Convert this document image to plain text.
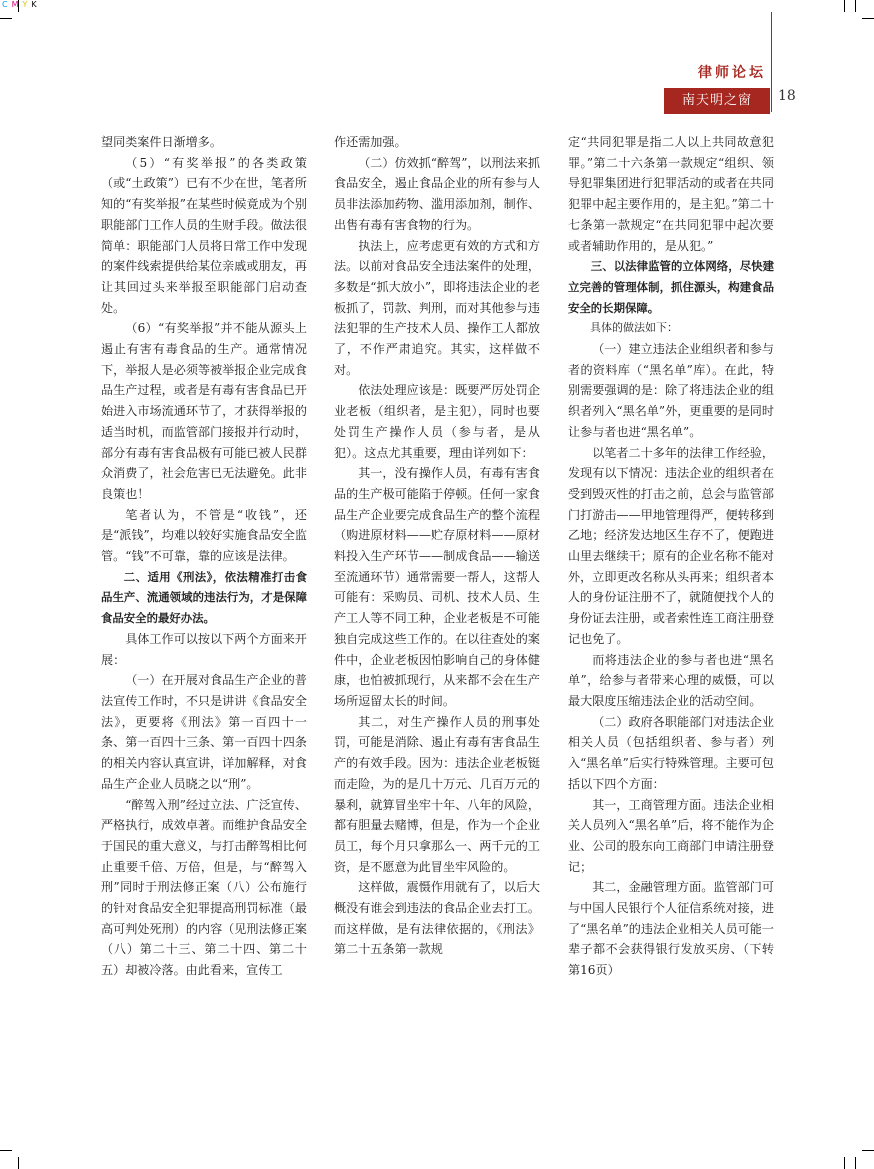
CMYK
律师论坛
南天明之窗	18

望同类案件日渐增多。

（5）“有奖举报”的各类政策（或“土政策”）已有不少在世，笔者所知的“有奖举报”在某些时候竟成为个别职能部门工作人员的生财手段。做法很简单：职能部门人员将日常工作中发现的案件线索提供给某位亲戚或朋友，再让其回过头来举报至职能部门启动查处。

（6）“有奖举报”并不能从源头上遏止有害有毒食品的生产。通常情况下，举报人是必须等被举报企业完成食品生产过程，或者是有毒有害食品已开始进入市场流通环节了，才获得举报的适当时机，而监管部门接报并行动时，部分有毒有害食品极有可能已被人民群众消费了，社会危害已无法避免。此非良策也！

笔者认为，不管是“收钱”，还是“派钱”，均难以较好实施食品安全监管。“钱”不可靠，靠的应该是法律。

二、适用《刑法》，依法精准打击食品生产、流通领域的违法行为，才是保障食品安全的最好办法。

具体工作可以按以下两个方面来开展：

（一）在开展对食品生产企业的普法宣传工作时，不只是讲讲《食品安全法》，更要将《刑法》第一百四十一条、第一百四十三条、第一百四十四条的相关内容认真宣讲，详加解释，对食品生产企业人员晓之以“刑”。

“醉驾入刑”经过立法、广泛宣传、严格执行，成效卓著。而维护食品安全于国民的重大意义，与打击醉驾相比何止重要千倍、万倍，但是，与“醉驾入刑”同时于刑法修正案（八）公布施行的针对食品安全犯罪提高刑罚标准（最高可判处死刑）的内容（见刑法修正案（八）第二十三、第二十四、第二十五）却被冷落。由此看来，宣传工

作还需加强。

（二）仿效抓“醉驾”，以刑法来抓食品安全，遏止食品企业的所有参与人员非法添加药物、滥用添加剂，制作、出售有毒有害食物的行为。

执法上，应考虑更有效的方式和方法。以前对食品安全违法案件的处理，多数是“抓大放小”，即将违法企业的老板抓了，罚款、判刑，而对其他参与违法犯罪的生产技术人员、操作工人都放了，不作严肃追究。其实，这样做不对。

依法处理应该是：既要严厉处罚企业老板（组织者，是主犯），同时也要处罚生产操作人员（参与者，是从犯）。这点尤其重要，理由详列如下：

其一，没有操作人员，有毒有害食品的生产极可能陷于停顿。任何一家食品生产企业要完成食品生产的整个流程（购进原材料——贮存原材料——原材料投入生产环节——制成食品——输送至流通环节）通常需要一帮人，这帮人可能有：采购员、司机、技术人员、生产工人等不同工种，企业老板是不可能独自完成这些工作的。在以往查处的案件中，企业老板因怕影响自己的身体健康，也怕被抓现行，从来都不会在生产场所逗留太长的时间。

其二，对生产操作人员的刑事处罚，可能是消除、遏止有毒有害食品生产的有效手段。因为：违法企业老板铤而走险，为的是几十万元、几百万元的暴利，就算冒坐牢十年、八年的风险，都有胆量去赌博，但是，作为一个企业员工，每个月只拿那么一、两千元的工资，是不愿意为此冒坐牢风险的。

这样做，震慑作用就有了，以后大概没有谁会到违法的食品企业去打工。而这样做，是有法律依据的，《刑法》第二十五条第一款规

定“共同犯罪是指二人以上共同故意犯罪。”第二十六条第一款规定“组织、领导犯罪集团进行犯罪活动的或者在共同犯罪中起主要作用的，是主犯。”第二十七条第一款规定“在共同犯罪中起次要或者辅助作用的，是从犯。”

三、以法律监管的立体网络，尽快建立完善的管理体制，抓住源头，构建食品安全的长期保障。

具体的做法如下：

（一）建立违法企业组织者和参与者的资料库（“黑名单”库）。在此，特别需要强调的是：除了将违法企业的组织者列入“黑名单”外，更重要的是同时让参与者也进“黑名单”。

以笔者二十多年的法律工作经验，发现有以下情况：违法企业的组织者在受到毁灭性的打击之前，总会与监管部门打游击——甲地管理得严，便转移到乙地；经济发达地区生存不了，便跑进山里去继续干；原有的企业名称不能对外，立即更改名称从头再来；组织者本人的身份证注册不了，就随便找个人的身份证去注册，或者索性连工商注册登记也免了。

而将违法企业的参与者也进“黑名单”，给参与者带来心理的威慑，可以最大限度压缩违法企业的活动空间。

（二）政府各职能部门对违法企业相关人员（包括组织者、参与者）列入“黑名单”后实行特殊管理。主要可包括以下四个方面：

其一，工商管理方面。违法企业相关人员列入“黑名单”后，将不能作为企业、公司的股东向工商部门申请注册登记；

其二，金融管理方面。监管部门可与中国人民银行个人征信系统对接，进了“黑名单”的违法企业相关人员可能一辈子都不会获得银行发放买房、（下转第16页）
